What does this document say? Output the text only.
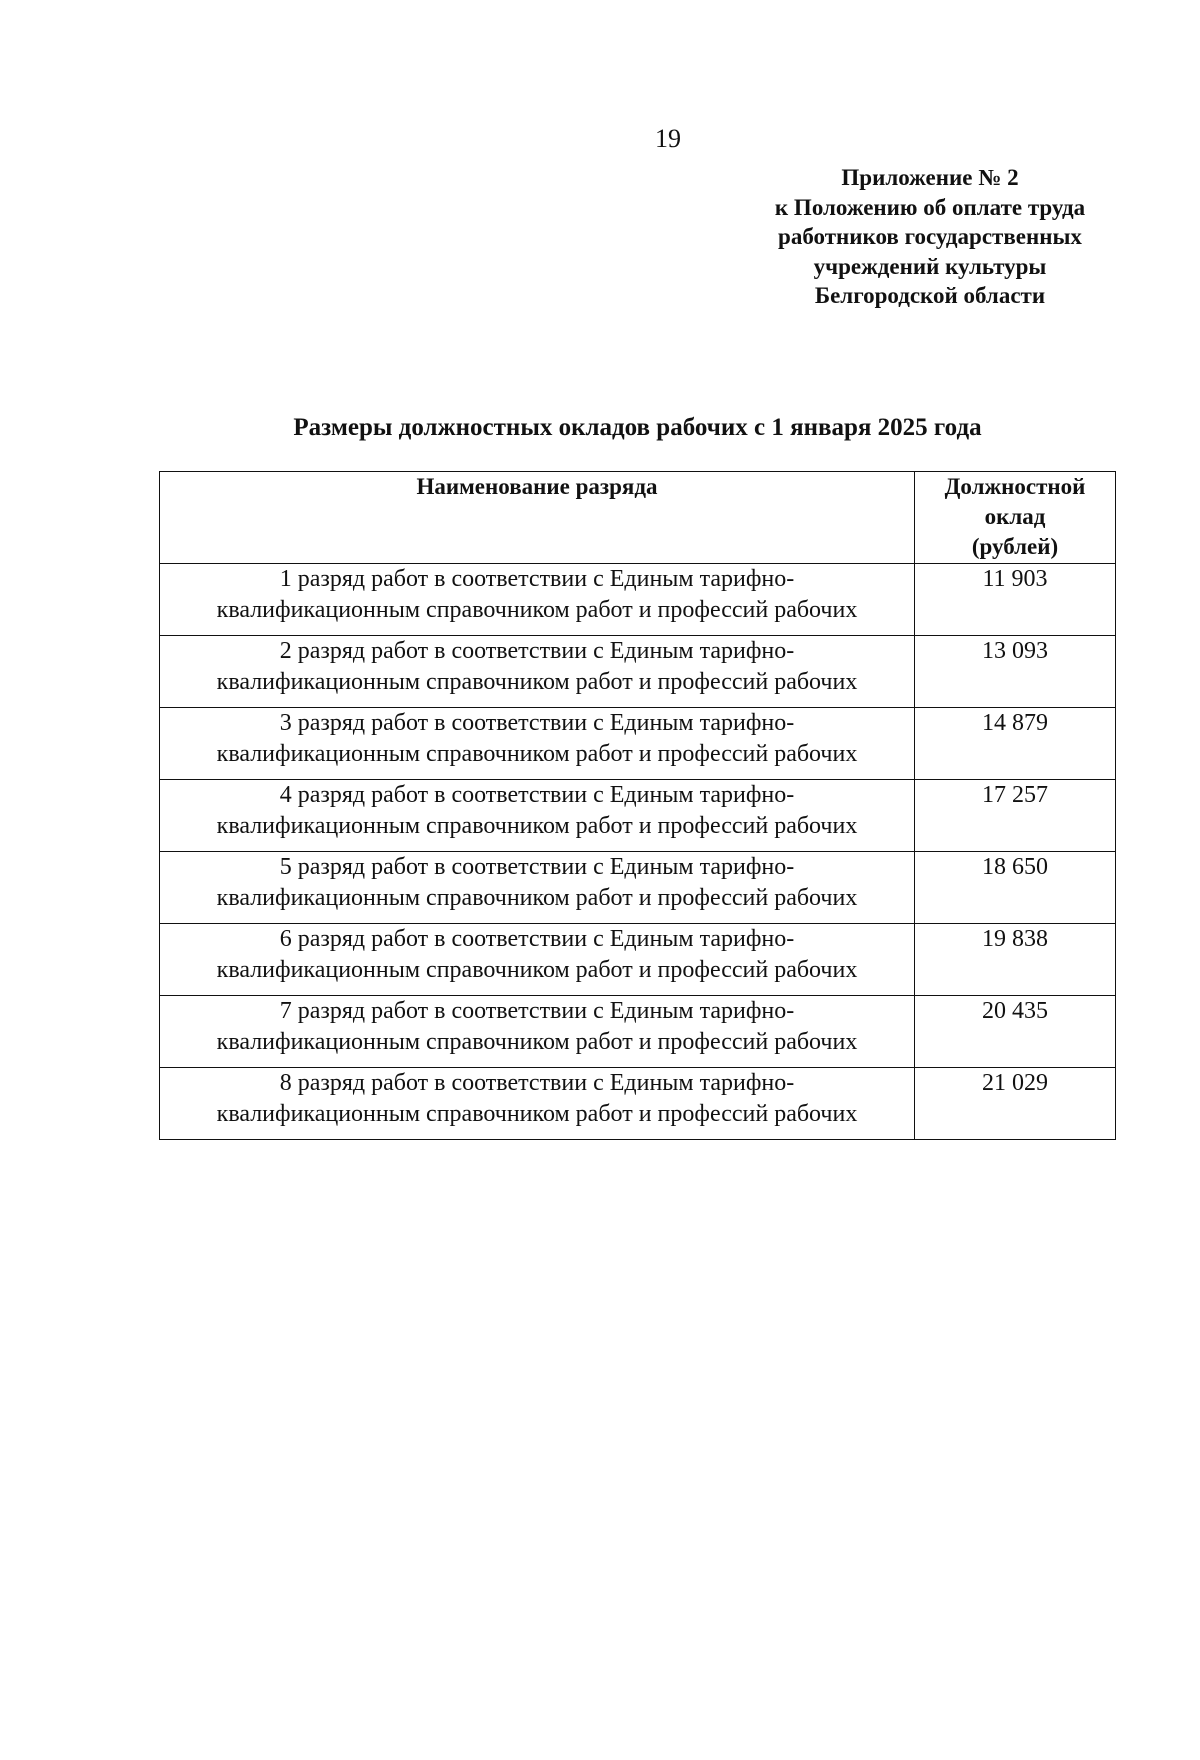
19
Приложение № 2
к Положению об оплате труда
работников государственных
учреждений культуры
Белгородской области
Размеры должностных окладов рабочих с 1 января 2025 года
Наименование разряда	Должностной
оклад
(рублей)

1 разряд работ в соответствии с Единым тарифно-
квалификационным справочником работ и профессий рабочих	11 903

2 разряд работ в соответствии с Единым тарифно-
квалификационным справочником работ и профессий рабочих	13 093

3 разряд работ в соответствии с Единым тарифно-
квалификационным справочником работ и профессий рабочих	14 879

4 разряд работ в соответствии с Единым тарифно-
квалификационным справочником работ и профессий рабочих	17 257

5 разряд работ в соответствии с Единым тарифно-
квалификационным справочником работ и профессий рабочих	18 650

6 разряд работ в соответствии с Единым тарифно-
квалификационным справочником работ и профессий рабочих	19 838

7 разряд работ в соответствии с Единым тарифно-
квалификационным справочником работ и профессий рабочих	20 435

8 разряд работ в соответствии с Единым тарифно-
квалификационным справочником работ и профессий рабочих	21 029
